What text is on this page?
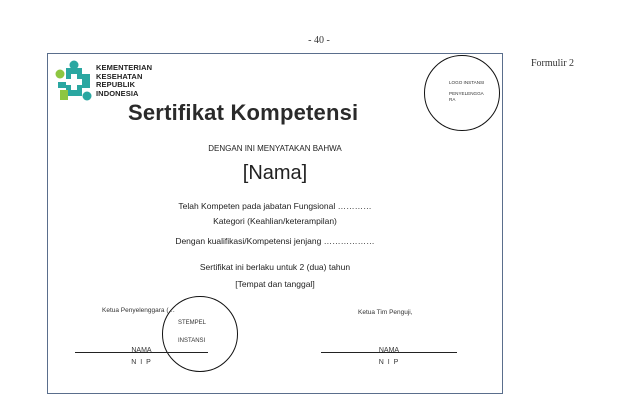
- 40 -
Formulir 2
KEMENTERIAN
KESEHATAN
REPUBLIK
INDONESIA
LOGO INSTANSI
PENYELENGGA
RA
Sertifikat Kompetensi
DENGAN INI MENYATAKAN BAHWA
[Nama]
Telah Kompeten pada jabatan Fungsional …………
Kategori (Keahlian/keterampilan)
Dengan kualifikasi/Kompetensi jenjang ………………
Sertifikat ini berlaku untuk 2 (dua) tahun
[Tempat dan tanggal]
Ketua Penyelenggara (…	Ketua Tim Penguji,
STEMPEL
INSTANSI
NAMA	NAMA
N I P	N I P
